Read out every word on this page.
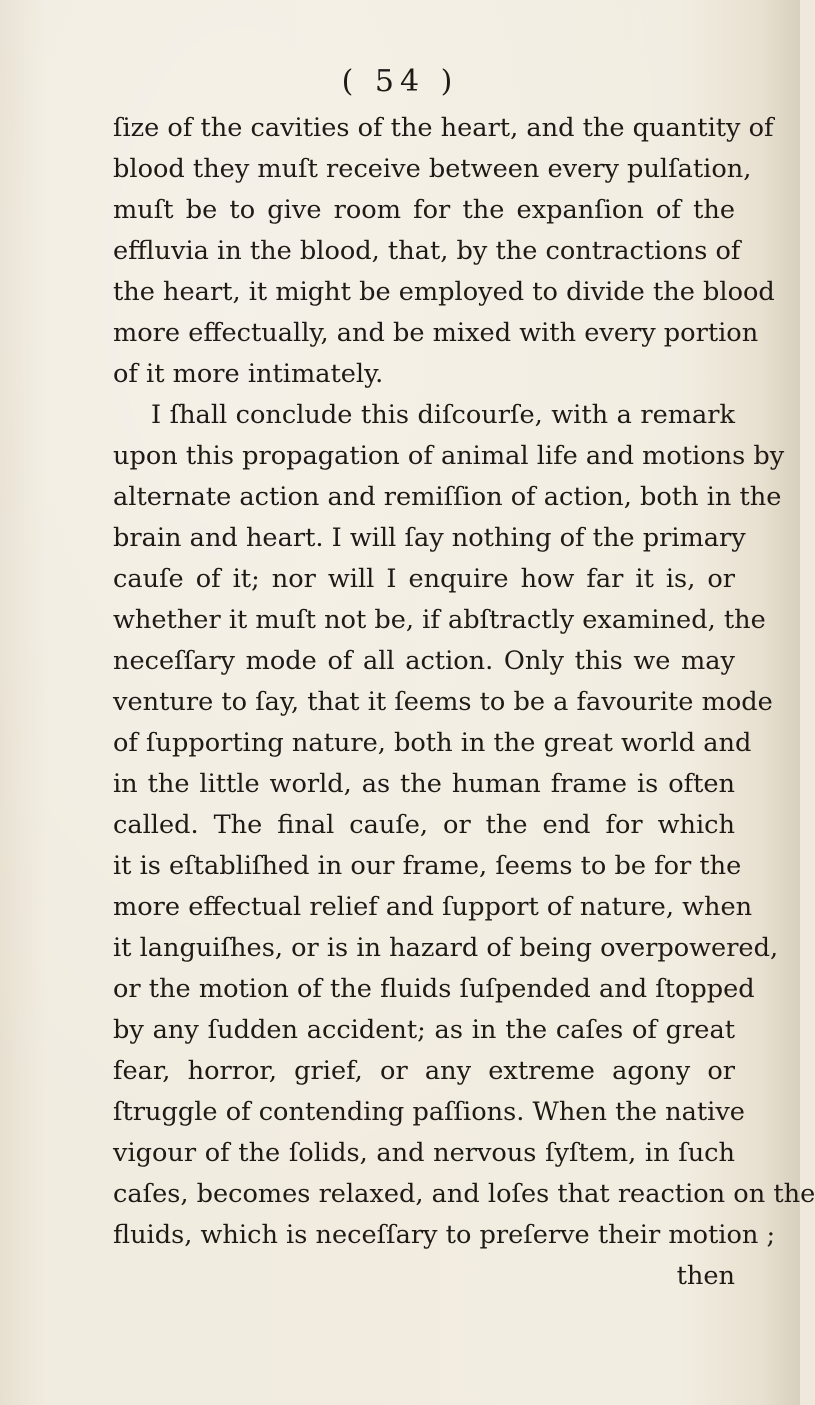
( 54 )
ſize of the cavities of the heart, and the quantity of
blood they muſt receive between every pulſation,
muſt be to give room for the expanſion of the
effluvia in the blood, that, by the contractions of
the heart, it might be employed to divide the blood
more effectually, and be mixed with every portion
of it more intimately.
I ſhall conclude this diſcourſe, with a remark
upon this propagation of animal life and motions by
alternate action and remiſſion of action, both in the
brain and heart. I will ſay nothing of the primary
cauſe of it; nor will I enquire how far it is, or
whether it muſt not be, if abſtractly examined, the
neceſſary mode of all action. Only this we may
venture to ſay, that it ſeems to be a favourite mode
of ſupporting nature, both in the great world and
in the little world, as the human frame is often
called. The final cauſe, or the end for which
it is eſtabliſhed in our frame, ſeems to be for the
more effectual relief and ſupport of nature, when
it languiſhes, or is in hazard of being overpowered,
or the motion of the fluids ſuſpended and ſtopped
by any ſudden accident; as in the caſes of great
fear, horror, grief, or any extreme agony or
ſtruggle of contending paſſions. When the native
vigour of the ſolids, and nervous ſyſtem, in ſuch
caſes, becomes relaxed, and loſes that reaction on the
fluids, which is neceſſary to preſerve their motion ;
then
